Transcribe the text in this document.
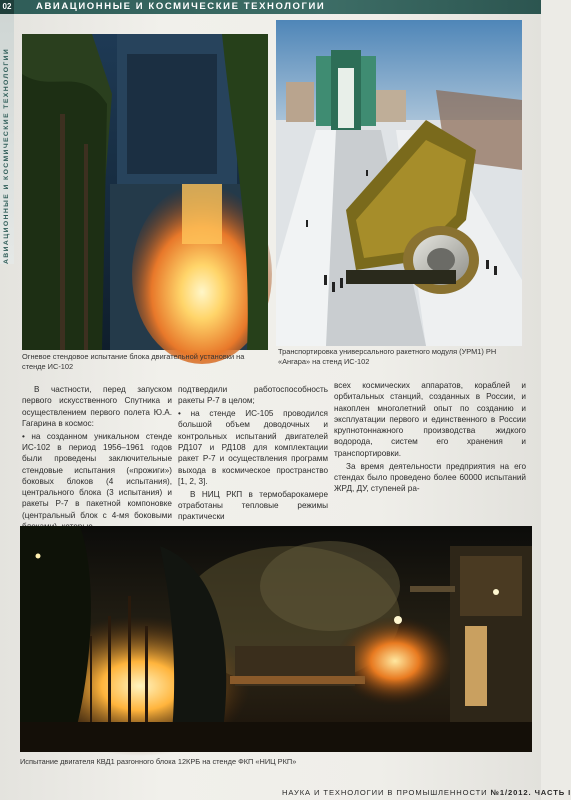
02	АВИАЦИОННЫЕ И КОСМИЧЕСКИЕ ТЕХНОЛОГИИ
АВИАЦИОННЫЕ И КОСМИЧЕСКИЕ ТЕХНОЛОГИИ
Огневое стендовое испытание блока двигательной установки на стенде ИС-102
Транспортировка универсального ракетного модуля (УРМ1) РН «Ангара» на стенд ИС-102

В частности, перед запуском первого искусственного Спутника и осуществлением первого полета Ю.А. Гагарина в космос:

• на созданном уникальном стенде ИС-102 в период 1956–1961 годов были проведены заключительные стендовые испытания («прожиги») боковых блоков (4 испытания), центрального блока (3 испытания) и ракеты Р-7 в пакетной компоновке (центральный блок с 4-мя боковыми

подтвердили работоспособность ракеты Р-7 в целом;

• на стенде ИС-105 проводился большой объем доводочных и контрольных испытаний двигателей РД107 и РД108 для комплектации ракет Р-7 и осуществления программ выхода в космическое пространство [1, 2, 3].

В НИЦ РКП в термобарокамере отработаны тепловые режимы практически

всех космических аппаратов, кораблей и орбитальных станций, созданных в России, и накоплен многолетний опыт по созданию и эксплуатации первого и единственного в России крупнотоннажного производства жидкого водорода, систем его хранения и транспортировки.

За время деятельности предприятия на его стендах было проведено более 60000 испытаний ЖРД, ДУ, ступеней ра-

Испытание двигателя КВД1 разгонного блока 12КРБ на стенде ФКП «НИЦ РКП»
НАУКА И ТЕХНОЛОГИИ В ПРОМЫШЛЕННОСТИ №1/2012. ЧАСТЬ I
